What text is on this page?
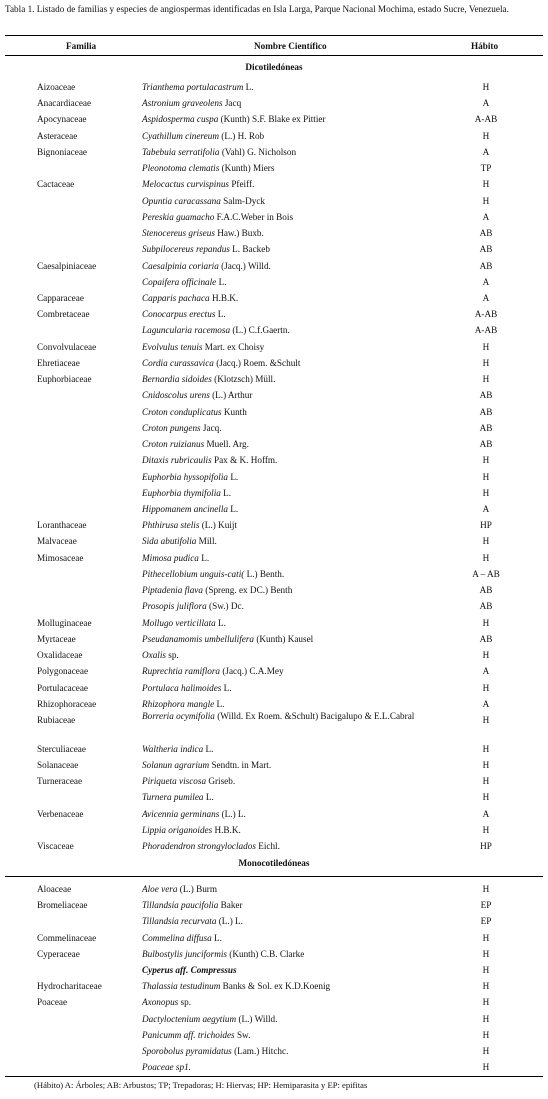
Tabla 1. Listado de familias y especies de angiospermas identificadas en Isla Larga, Parque Nacional Mochima, estado Sucre, Venezuela.
Familia	Nombre Científico	Hábito
Dicotiledóneas
Aizoaceae	Trianthema portulacastrum L.	H
Anacardiaceae	Astronium graveolens Jacq	A
Apocynaceae	Aspidosperma cuspa (Kunth) S.F. Blake ex Pittier	A-AB
Asteraceae	Cyathillum cinereum (L.) H. Rob	H
Bignoniaceae	Tabebuia serratifolia (Vahl) G. Nicholson	A
Pleonotoma clematis (Kunth) Miers	TP
Cactaceae	Melocactus curvispinus Pfeiff.	H
Opuntia caracassana Salm-Dyck	H
Pereskia guamacho F.A.C.Weber in Bois	A
Stenocereus griseus Haw.) Buxb.	AB
Subpilocereus repandus L. Backeb	AB
Caesalpiniaceae	Caesalpinia coriaria (Jacq.) Willd.	AB
Copaifera officinale L.	A
Capparaceae	Capparis pachaca H.B.K.	A
Combretaceae	Conocarpus erectus L.	A-AB
Laguncularia racemosa (L.) C.f.Gaertn.	A-AB
Convolvulaceae	Evolvulus tenuis Mart. ex Choisy	H
Ehretiaceae	Cordia curassavica (Jacq.) Roem. &Schult	H
Euphorbiaceae	Bernardia sidoides (Klotzsch) Müll.	H
Cnidoscolus urens (L.) Arthur	AB
Croton conduplicatus Kunth	AB
Croton pungens Jacq.	AB
Croton ruizianus Muell. Arg.	AB
Ditaxis rubricaulis Pax & K. Hoffm.	H
Euphorbia hyssopifolia L.	H
Euphorbia thymifolia L.	H
Hippomanem ancinella L.	A
Loranthaceae	Phthirusa stelis (L.) Kuijt	HP
Malvaceae	Sida abutifolia Mill.	H
Mimosaceae	Mimosa pudica L.	H
Pithecellobium unguis-cati( L.) Benth.	A – AB
Piptadenia flava (Spreng. ex DC.) Benth	AB
Prosopis juliflora (Sw.) Dc.	AB
Molluginaceae	Mollugo verticillata L.	H
Myrtaceae	Pseudanamomis umbellulifera (Kunth) Kausel	AB
Oxalidaceae	Oxalis sp.	H
Polygonaceae	Ruprechtia ramiflora (Jacq.) C.A.Mey	A
Portulacaceae	Portulaca halimoides L.	H
Rhizophoraceae	Rhizophora mangle L.	A
Rubiaceae	Borreria ocymifolia (Willd. Ex Roem. &Schult) Bacigalupo & E.L.Cabral	H
Sterculiaceae	Waltheria indica L.	H
Solanaceae	Solanun agrarium Sendtn. in Mart.	H
Turneraceae	Piriqueta viscosa Griseb.	H
Turnera pumilea L.	H
Verbenaceae	Avicennia germinans (L.) L.	A
Lippia origanoides H.B.K.	H
Viscaceae	Phoradendron strongyloclados Eichl.	HP
Monocotiledóneas
Aloaceae	Aloe vera (L.) Burm	H
Bromeliaceae	Tillandsia paucifolia Baker	EP
Tillandsia recurvata (L.) L.	EP
Commelinaceae	Commelina diffusa L.	H
Cyperaceae	Bulbostylis junciformis (Kunth) C.B. Clarke	H
Cyperus aff. Compressus	H
Hydrocharitaceae	Thalassia testudinum Banks & Sol. ex K.D.Koenig	H
Poaceae	Axonopus sp.	H
Dactyloctenium aegytium (L.) Willd.	H
Panicumm aff. trichoides Sw.	H
Sporobolus pyramidatus (Lam.) Hitchc.	H
Poaceae sp1.	H
(Hábito) A: Árboles; AB: Arbustos; TP; Trepadoras; H: Hiervas; HP: Hemiparasita y EP: epifitas
